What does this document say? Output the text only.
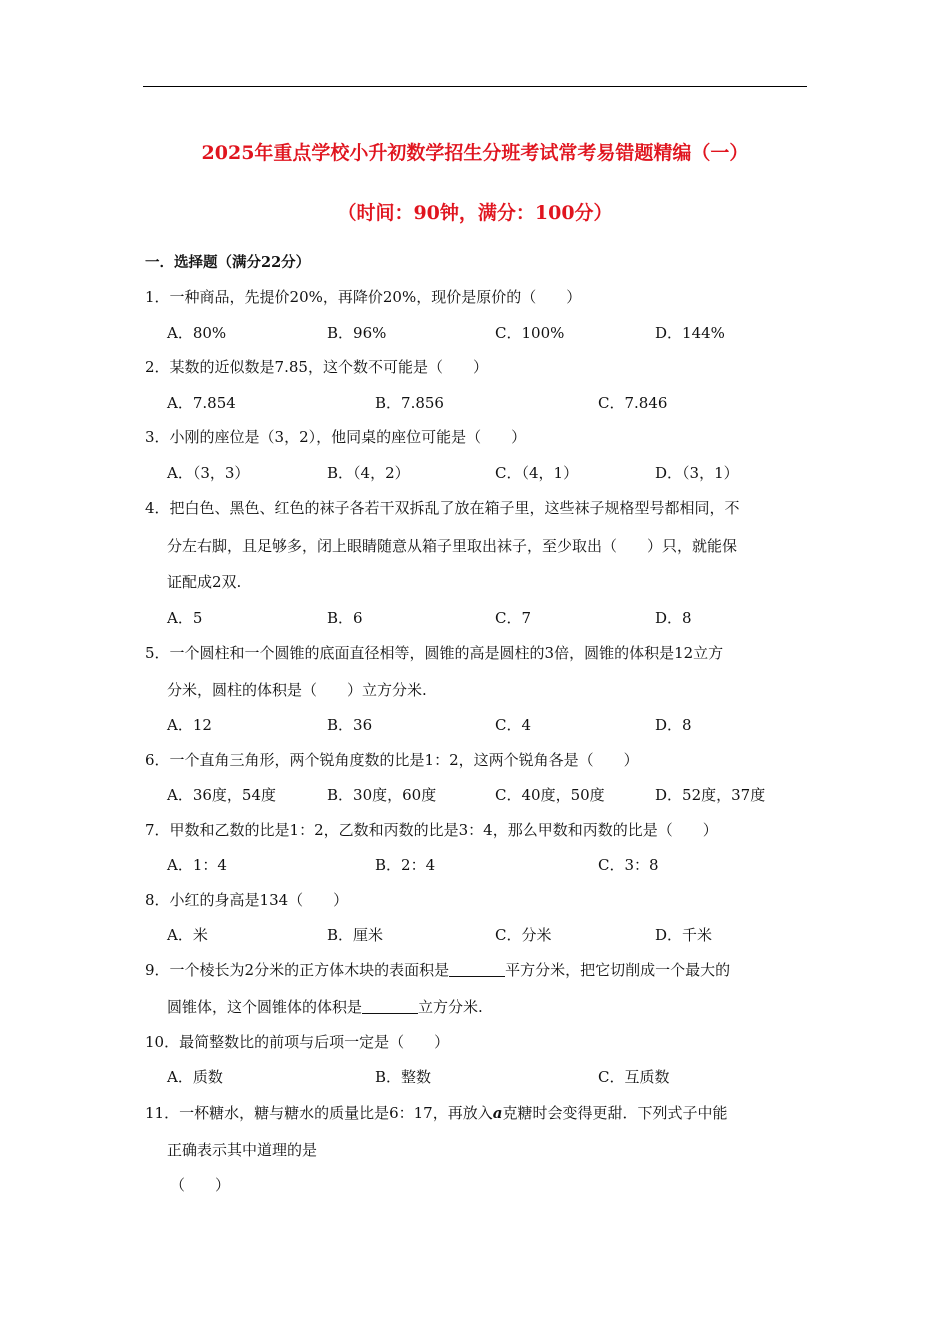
2025年重点学校小升初数学招生分班考试常考易错题精编（一）
（时间：90钟，满分：100分）
一．选择题（满分22分）
1．一种商品，先提价20%，再降价20%，现价是原价的（　　）
A．80%	B．96%	C．100%	D．144%
2．某数的近似数是7.85，这个数不可能是（　　）
A．7.854	B．7.856	C．7.846
3．小刚的座位是（3，2），他同桌的座位可能是（　　）
A．（3，3）	B．（4，2）	C．（4，1）	D．（3，1）
4．把白色、黑色、红色的袜子各若干双拆乱了放在箱子里，这些袜子规格型号都相同，不
分左右脚，且足够多，闭上眼睛随意从箱子里取出袜子，至少取出（　　）只，就能保
证配成2双.
A．5	B．6	C．7	D．8
5．一个圆柱和一个圆锥的底面直径相等，圆锥的高是圆柱的3倍，圆锥的体积是12立方
分米，圆柱的体积是（　　）立方分米.
A．12	B．36	C．4	D．8
6．一个直角三角形，两个锐角度数的比是1：2，这两个锐角各是（　　）
A．36度，54度	B．30度，60度	C．40度，50度	D．52度，37度
7．甲数和乙数的比是1：2，乙数和丙数的比是3：4，那么甲数和丙数的比是（　　）
A．1：4	B．2：4	C．3：8
8．小红的身高是134（　　）
A．米	B．厘米	C．分米	D．千米
9．一个棱长为2分米的正方体木块的表面积是	平方分米，把它切削成一个最大的
圆锥体，这个圆锥体的体积是	立方分米.
10．最简整数比的前项与后项一定是（　　）
A．质数	B．整数	C．互质数
11．一杯糖水，糖与糖水的质量比是6：17，再放入a克糖时会变得更甜．下列式子中能
正确表示其中道理的是
（　　）
